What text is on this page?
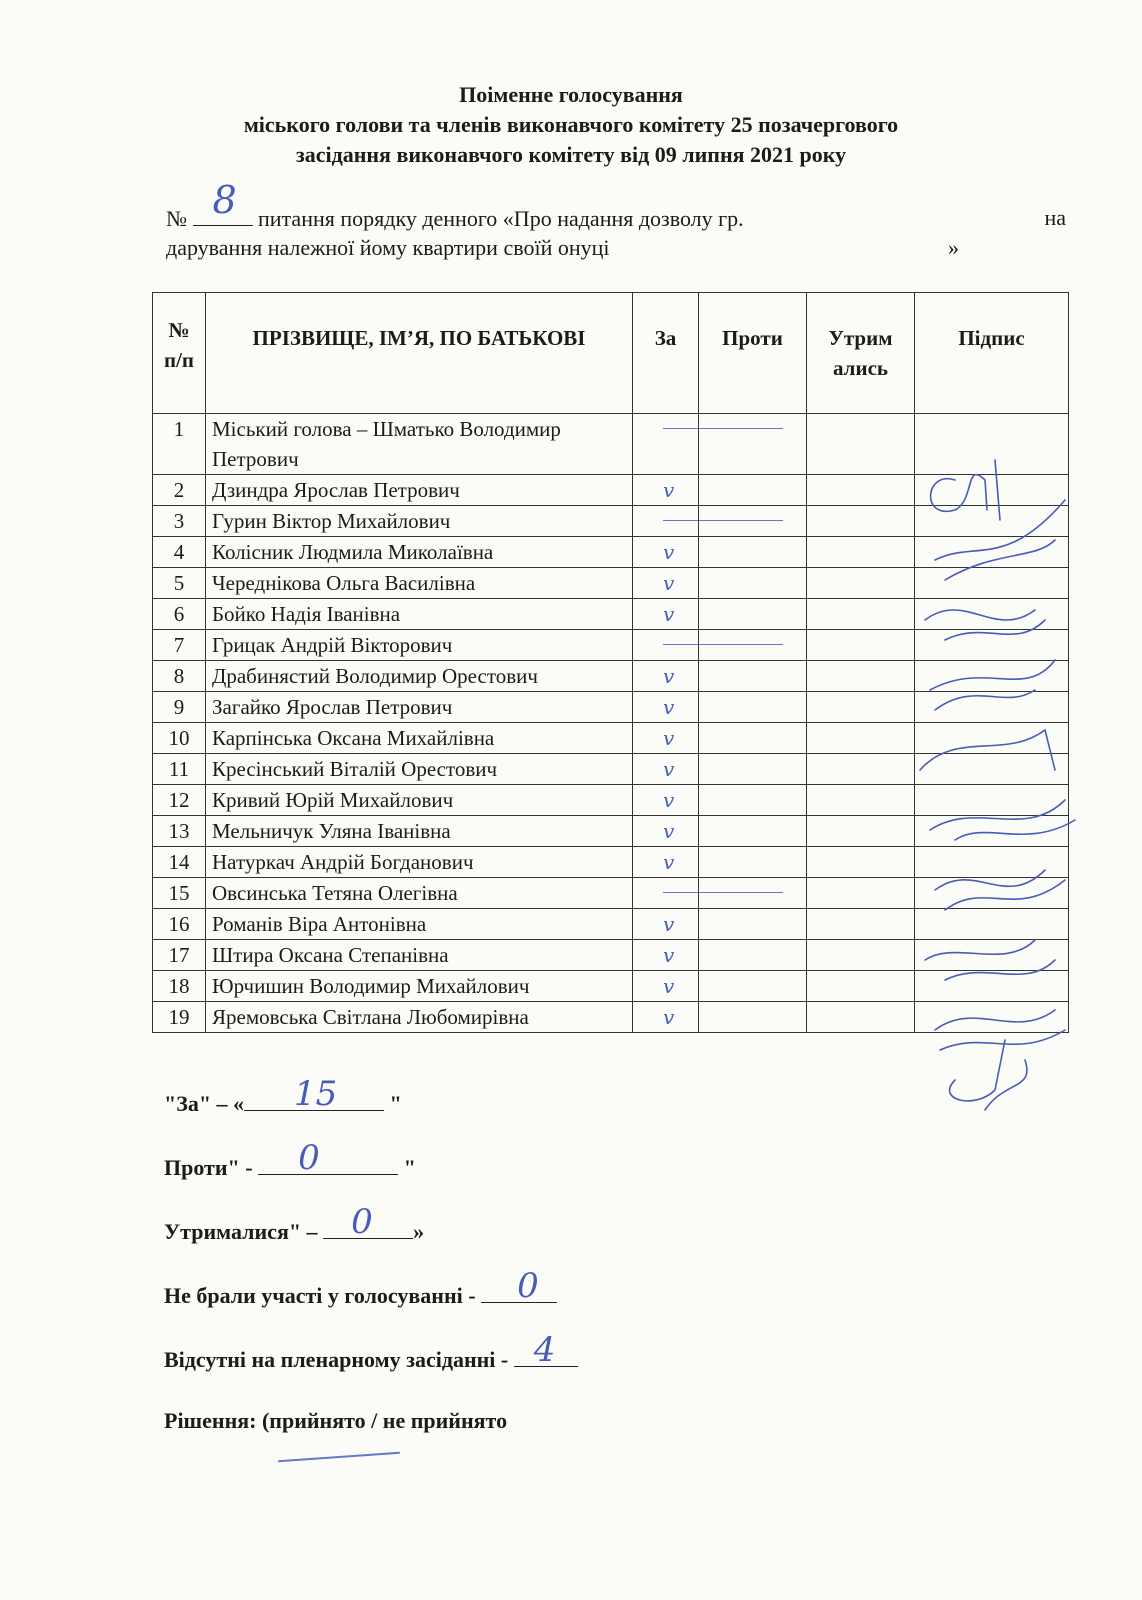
Поіменне голосування
міського голови та членів виконавчого комітету 25 позачергового
засідання виконавчого комітету від 09 липня 2021 року
№ 8 питання порядку денного «Про надання дозволу гр.	на
дарування належної йому квартири своїй онуці	»
№ п/п	ПРІЗВИЩЕ, ІМ’Я, ПО БАТЬКОВІ	За	Проти	Утрим ались	Підпис
1	Міський голова – Шматько Володимир Петрович	

2	Дзиндра Ярослав Петрович	v			
3	Гурин Віктор Михайлович	

4	Колісник Людмила Миколаївна	v			
5	Череднікова Ольга Василівна	v			
6	Бойко Надія Іванівна	v			
7	Грицак Андрій Вікторович	

8	Драбинястий Володимир Орестович	v			
9	Загайко Ярослав Петрович	v			
10	Карпінська Оксана Михайлівна	v			
11	Кресінський Віталій Орестович	v			
12	Кривий Юрій Михайлович	v			
13	Мельничук Уляна Іванівна	v			
14	Натуркач Андрій Богданович	v			
15	Овсинська Тетяна Олегівна	

16	Романів Віра Антонівна	v			
17	Штира Оксана Степанівна	v			
18	Юрчишин Володимир Михайлович	v			
19	Яремовська Світлана Любомирівна	v			
"За" – « 15 "
Проти" - 0	"
Утрималися" – 0 »
Не брали участі у голосуванні - 0
Відсутні на пленарному засіданні - 4
Рішення: (прийнято / не прийнято
